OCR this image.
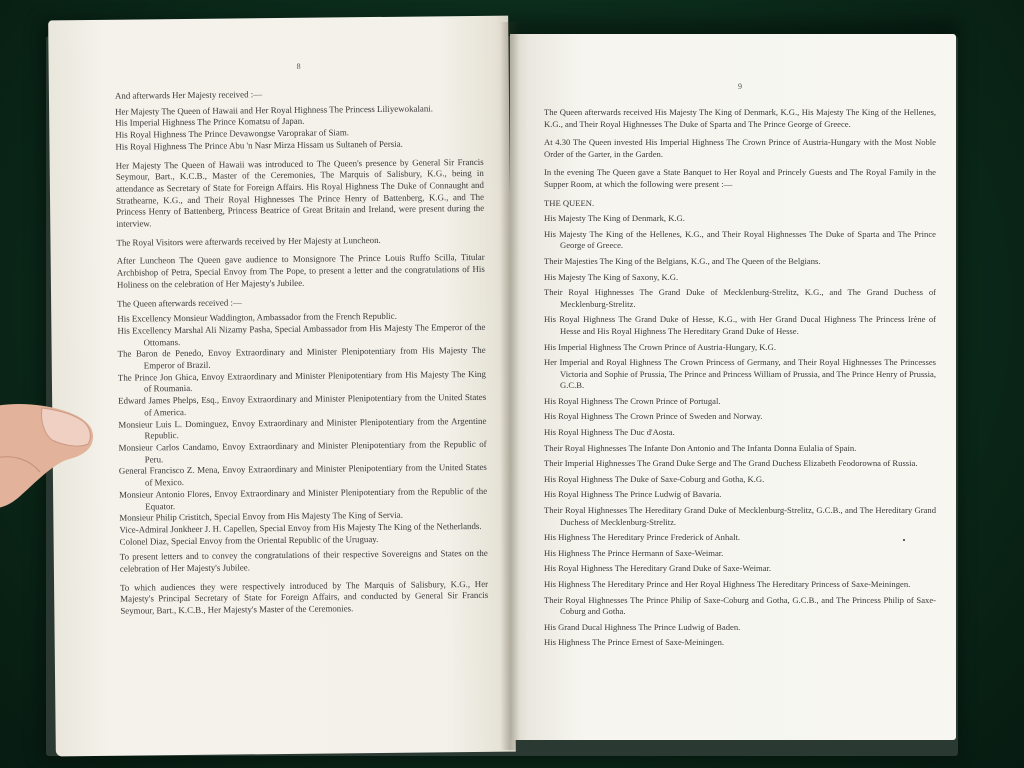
8

And afterwards Her Majesty received :—

Her Majesty The Queen of Hawaii and Her Royal Highness The Princess Liliyewokalani.

His Imperial Highness The Prince Komatsu of Japan.

His Royal Highness The Prince Devawongse Varoprakar of Siam.

His Royal Highness The Prince Abu 'n Nasr Mirza Hissam us Sultaneh of Persia.

Her Majesty The Queen of Hawaii was introduced to The Queen's presence by General Sir Francis Seymour, Bart., K.C.B., Master of the Ceremonies, The Marquis of Salisbury, K.G., being in attendance as Secretary of State for Foreign Affairs. His Royal Highness The Duke of Connaught and Strathearne, K.G., and Their Royal Highnesses The Prince Henry of Battenberg, K.G., and The Princess Henry of Battenberg, Princess Beatrice of Great Britain and Ireland, were present during the interview.

The Royal Visitors were afterwards received by Her Majesty at Luncheon.

After Luncheon The Queen gave audience to Monsignore The Prince Louis Ruffo Scilla, Titular Archbishop of Petra, Special Envoy from The Pope, to present a letter and the congratulations of His Holiness on the celebration of Her Majesty's Jubilee.

The Queen afterwards received :—

His Excellency Monsieur Waddington, Ambassador from the French Republic.

His Excellency Marshal Ali Nizamy Pasha, Special Ambassador from His Majesty The Emperor of the Ottomans.

The Baron de Penedo, Envoy Extraordinary and Minister Plenipotentiary from His Majesty The Emperor of Brazil.

The Prince Jon Ghica, Envoy Extraordinary and Minister Plenipotentiary from His Majesty The King of Roumania.

Edward James Phelps, Esq., Envoy Extraordinary and Minister Plenipotentiary from the United States of America.

Monsieur Luis L. Dominguez, Envoy Extraordinary and Minister Plenipotentiary from the Argentine Republic.

Monsieur Carlos Candamo, Envoy Extraordinary and Minister Plenipotentiary from the Republic of Peru.

General Francisco Z. Mena, Envoy Extraordinary and Minister Plenipotentiary from the United States of Mexico.

Monsieur Antonio Flores, Envoy Extraordinary and Minister Plenipotentiary from the Republic of the Equator.

Monsieur Philip Cristitch, Special Envoy from His Majesty The King of Servia.

Vice-Admiral Jonkheer J. H. Capellen, Special Envoy from His Majesty The King of the Netherlands.

Colonel Diaz, Special Envoy from the Oriental Republic of the Uruguay.

To present letters and to convey the congratulations of their respective Sovereigns and States on the celebration of Her Majesty's Jubilee.

To which audiences they were respectively introduced by The Marquis of Salisbury, K.G., Her Majesty's Principal Secretary of State for Foreign Affairs, and conducted by General Sir Francis Seymour, Bart., K.C.B., Her Majesty's Master of the Ceremonies.

9

The Queen afterwards received His Majesty The King of Denmark, K.G., His Majesty The King of the Hellenes, K.G., and Their Royal Highnesses The Duke of Sparta and The Prince George of Greece.

At 4.30 The Queen invested His Imperial Highness The Crown Prince of Austria-Hungary with the Most Noble Order of the Garter, in the Garden.

In the evening The Queen gave a State Banquet to Her Royal and Princely Guests and The Royal Family in the Supper Room, at which the following were present :—

THE QUEEN.

His Majesty The King of Denmark, K.G.

His Majesty The King of the Hellenes, K.G., and Their Royal Highnesses The Duke of Sparta and The Prince George of Greece.

Their Majesties The King of the Belgians, K.G., and The Queen of the Belgians.

His Majesty The King of Saxony, K.G.

Their Royal Highnesses The Grand Duke of Mecklenburg-Strelitz, K.G., and The Grand Duchess of Mecklenburg-Strelitz.

His Royal Highness The Grand Duke of Hesse, K.G., with Her Grand Ducal Highness The Princess Irène of Hesse and His Royal Highness The Hereditary Grand Duke of Hesse.

His Imperial Highness The Crown Prince of Austria-Hungary, K.G.

Her Imperial and Royal Highness The Crown Princess of Germany, and Their Royal Highnesses The Princesses Victoria and Sophie of Prussia, The Prince and Princess William of Prussia, and The Prince Henry of Prussia, G.C.B.

His Royal Highness The Crown Prince of Portugal.

His Royal Highness The Crown Prince of Sweden and Norway.

His Royal Highness The Duc d'Aosta.

Their Royal Highnesses The Infante Don Antonio and The Infanta Donna Eulalia of Spain.

Their Imperial Highnesses The Grand Duke Serge and The Grand Duchess Elizabeth Feodorowna of Russia.

His Royal Highness The Duke of Saxe-Coburg and Gotha, K.G.

His Royal Highness The Prince Ludwig of Bavaria.

Their Royal Highnesses The Hereditary Grand Duke of Mecklenburg-Strelitz, G.C.B., and The Hereditary Grand Duchess of Mecklenburg-Strelitz.

His Highness The Hereditary Prince Frederick of Anhalt.

His Highness The Prince Hermann of Saxe-Weimar.

His Royal Highness The Hereditary Grand Duke of Saxe-Weimar.

His Highness The Hereditary Prince and Her Royal Highness The Hereditary Princess of Saxe-Meiningen.

Their Royal Highnesses The Prince Philip of Saxe-Coburg and Gotha, G.C.B., and The Princess Philip of Saxe-Coburg and Gotha.

His Grand Ducal Highness The Prince Ludwig of Baden.

His Highness The Prince Ernest of Saxe-Meiningen.
